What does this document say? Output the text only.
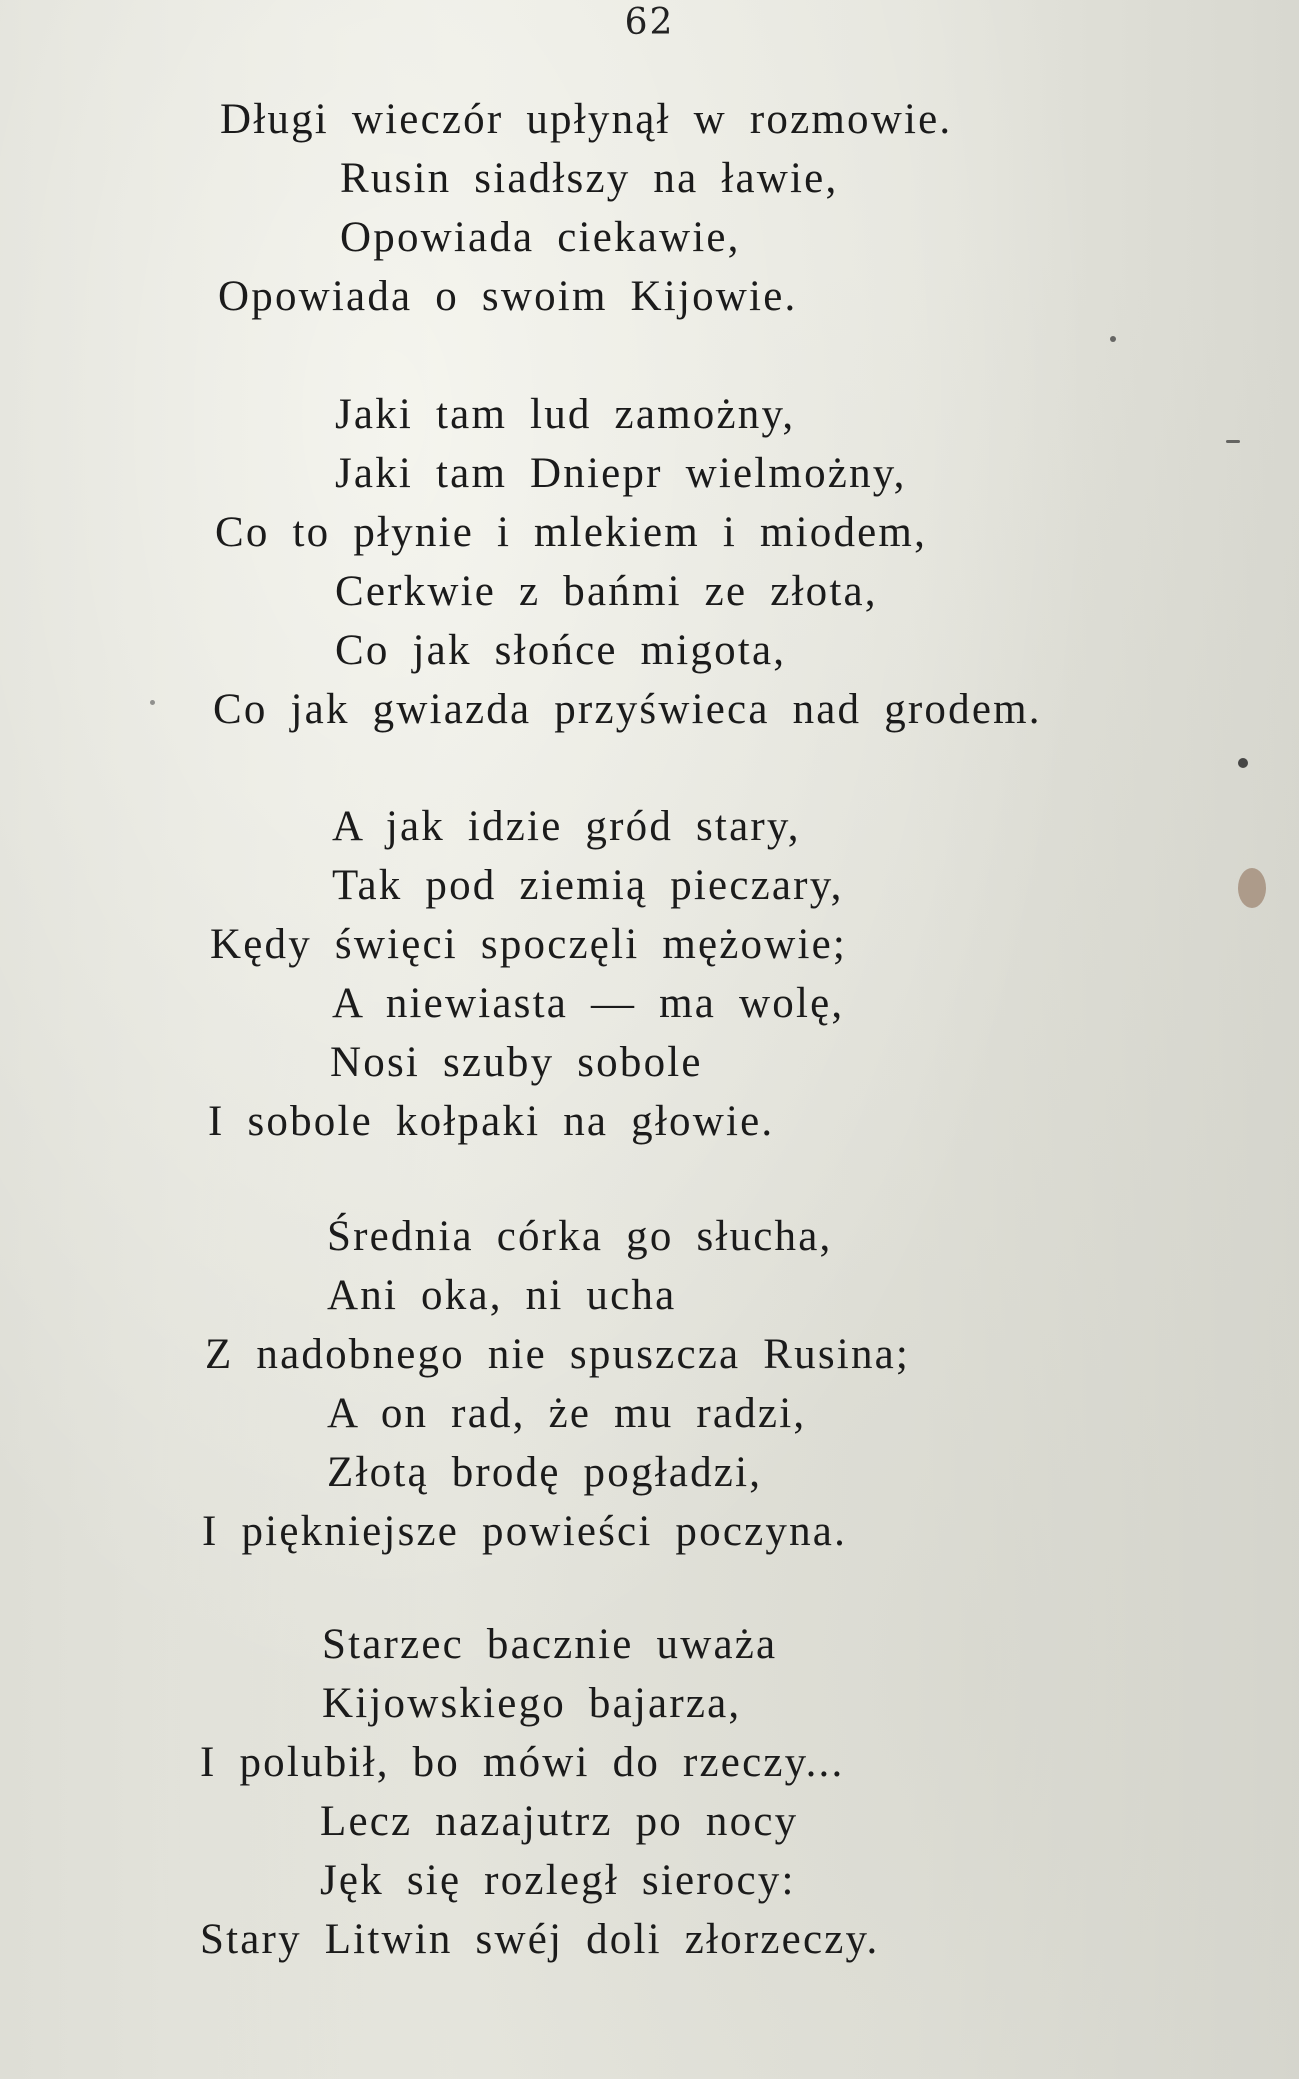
62
Długi wieczór upłynął w rozmowie.
Rusin siadłszy na ławie,
Opowiada ciekawie,
Opowiada o swoim Kijowie.
Jaki tam lud zamożny,
Jaki tam Dniepr wielmożny,
Co to płynie i mlekiem i miodem,
Cerkwie z bańmi ze złota,
Co jak słońce migota,
Co jak gwiazda przyświeca nad grodem.
A jak idzie gród stary,
Tak pod ziemią pieczary,
Kędy święci spoczęli mężowie;
A niewiasta — ma wolę,
Nosi szuby sobole
I sobole kołpaki na głowie.
Średnia córka go słucha,
Ani oka, ni ucha
Z nadobnego nie spuszcza Rusina;
A on rad, że mu radzi,
Złotą brodę pogładzi,
I piękniejsze powieści poczyna.
Starzec bacznie uważa
Kijowskiego bajarza,
I polubił, bo mówi do rzeczy...
Lecz nazajutrz po nocy
Jęk się rozległ sierocy:
Stary Litwin swéj doli złorzeczy.
